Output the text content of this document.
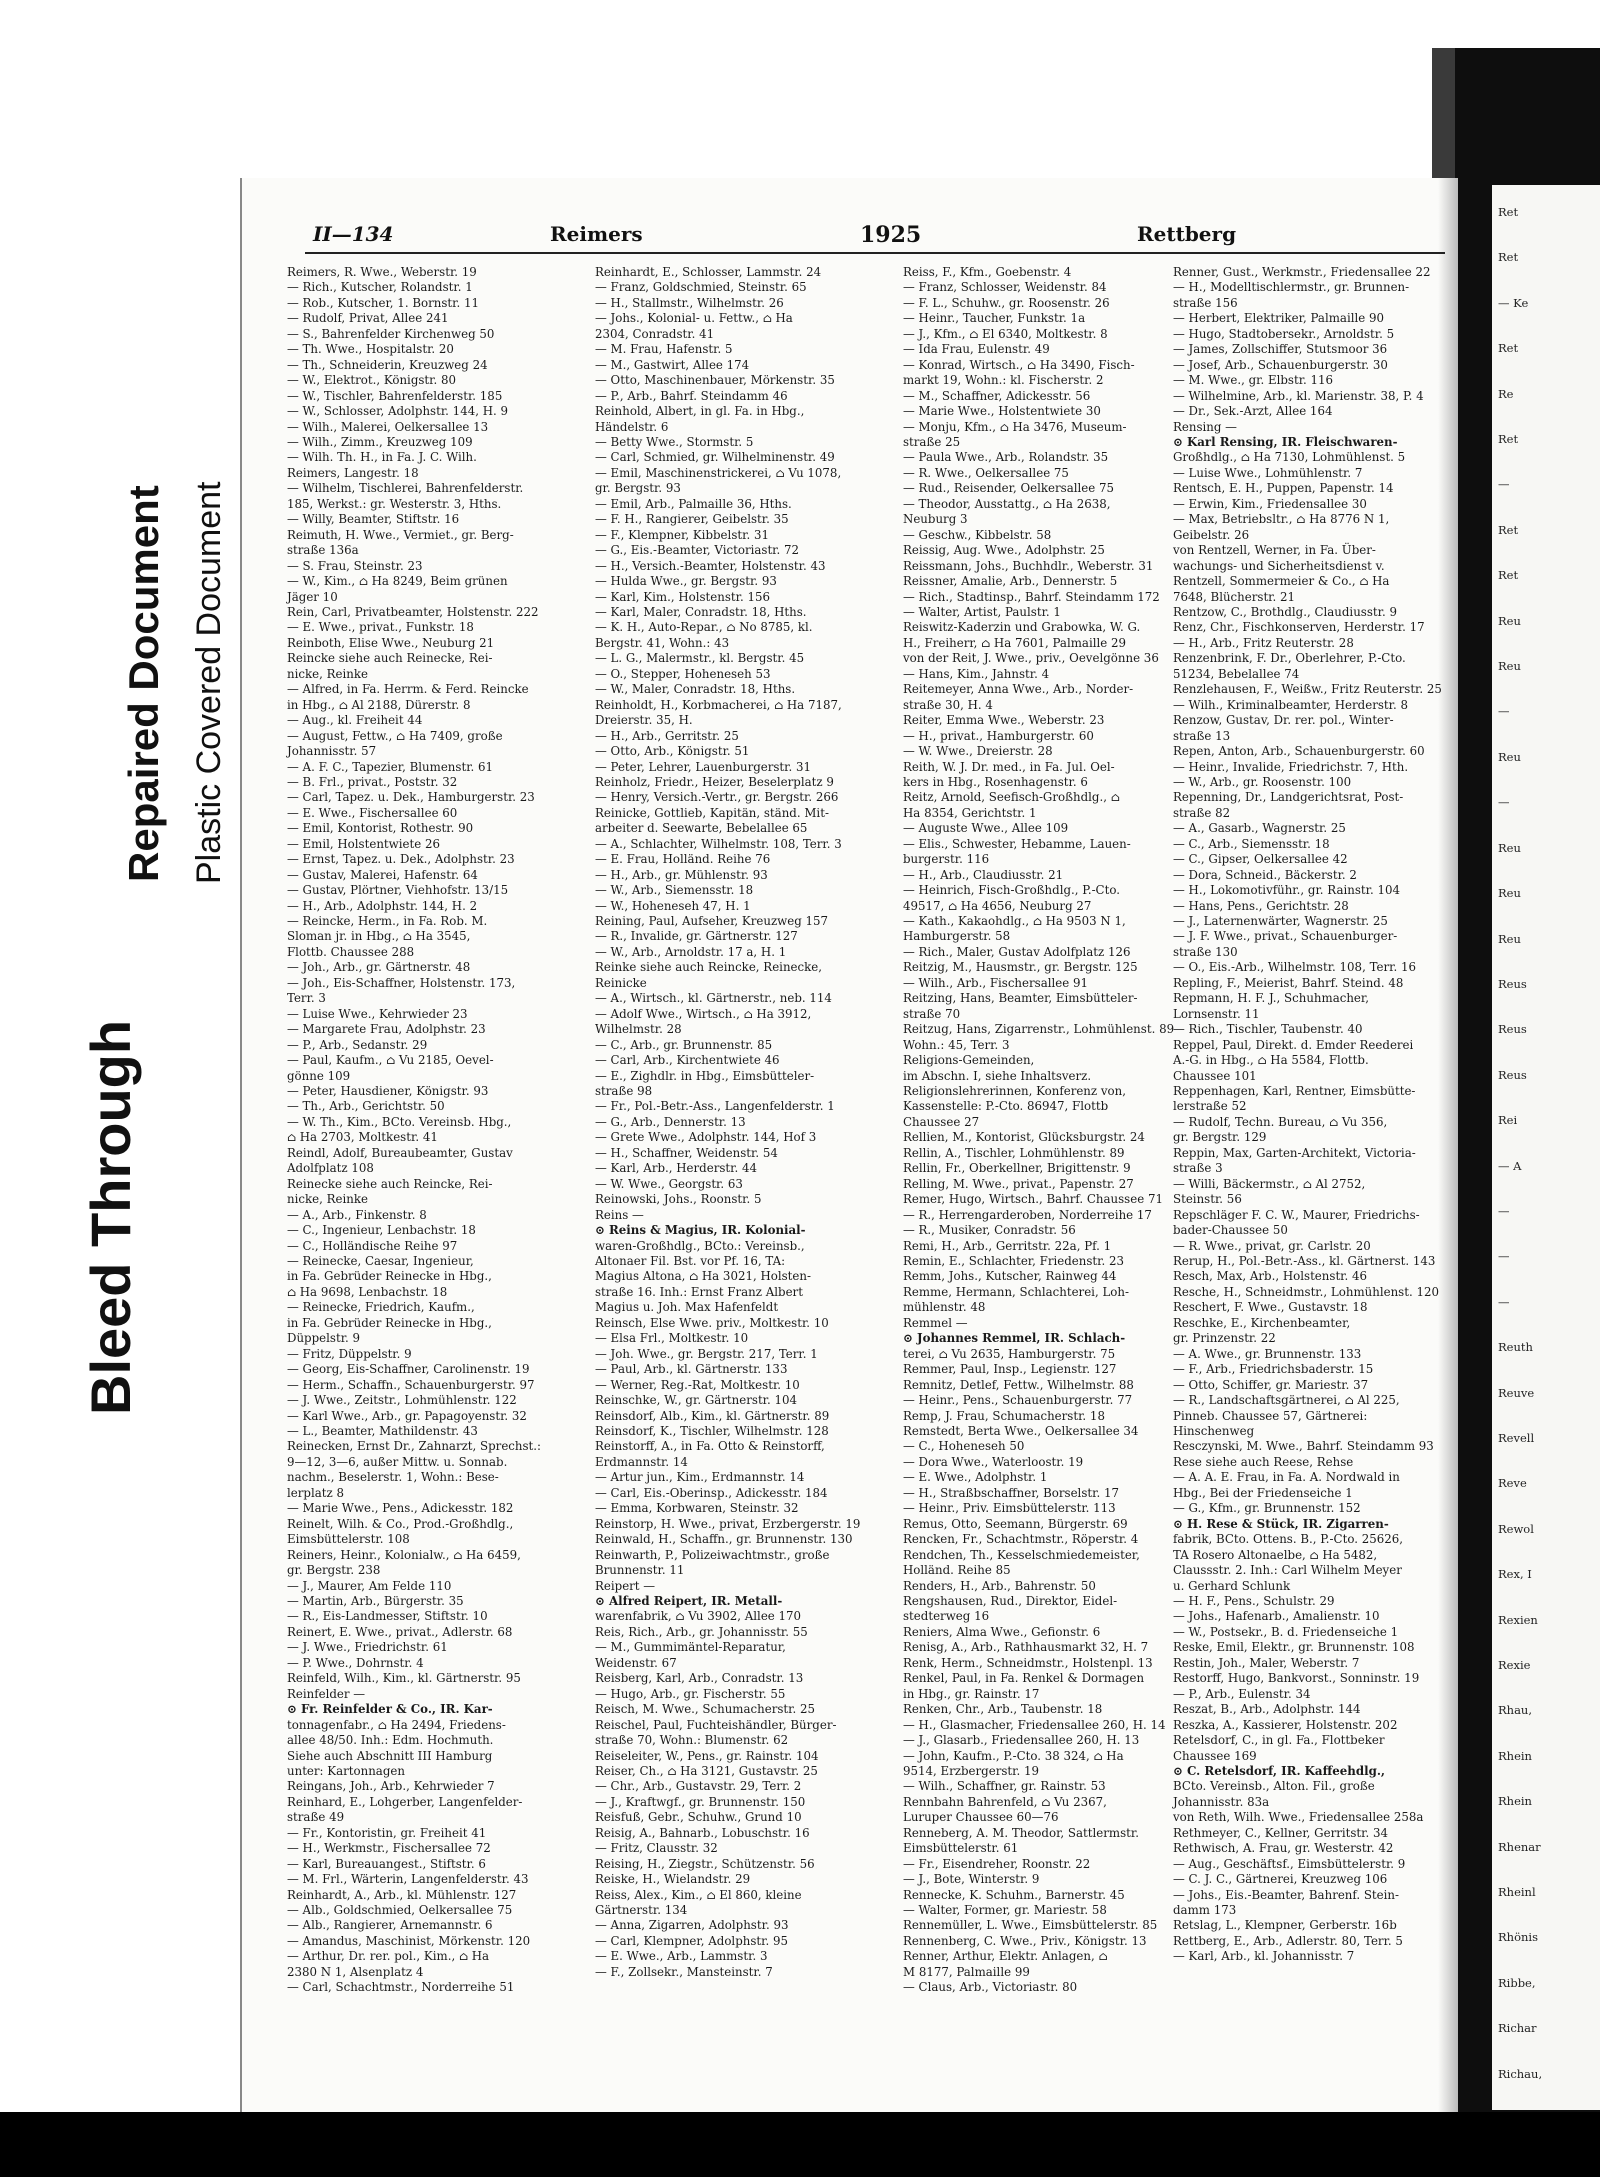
Bleed Through
Repaired Document Plastic Covered Document
Ret
Ret
— Ke
Ret
Re
Ret
—
Ret
Ret
Reu
Reu
—
Reu
—
Reu
Reu
Reu
Reus
Reus
Reus
Rei
— A
—
—
—
Reuth
Reuve
Revell
Reve
Rewol
Rex, I
Rexien
Rexie
Rhau,
Rhein
Rhein
Rhenar
Rheinl
Rhönis
Ribbe,
Richar
Richau,
II—134	Reimers	1925	Rettberg
Reimers, R. Wwe., Weberstr. 19
— Rich., Kutscher, Rolandstr. 1
— Rob., Kutscher, 1. Bornstr. 11
— Rudolf, Privat, Allee 241
— S., Bahrenfelder Kirchenweg 50
— Th. Wwe., Hospitalstr. 20
— Th., Schneiderin, Kreuzweg 24
— W., Elektrot., Königstr. 80
— W., Tischler, Bahrenfelderstr. 185
— W., Schlosser, Adolphstr. 144, H. 9
— Wilh., Malerei, Oelkersallee 13
— Wilh., Zimm., Kreuzweg 109
— Wilh. Th. H., in Fa. J. C. Wilh.
Reimers, Langestr. 18
— Wilhelm, Tischlerei, Bahrenfelderstr.
185, Werkst.: gr. Westerstr. 3, Hths.
— Willy, Beamter, Stiftstr. 16
Reimuth, H. Wwe., Vermiet., gr. Berg-
straße 136a
— S. Frau, Steinstr. 23
— W., Kim., ⌂ Ha 8249, Beim grünen
Jäger 10
Rein, Carl, Privatbeamter, Holstenstr. 222
— E. Wwe., privat., Funkstr. 18
Reinboth, Elise Wwe., Neuburg 21
Reincke siehe auch Reinecke, Rei-
nicke, Reinke
— Alfred, in Fa. Herrm. & Ferd. Reincke
in Hbg., ⌂ Al 2188, Dürerstr. 8
— Aug., kl. Freiheit 44
— August, Fettw., ⌂ Ha 7409, große
Johannisstr. 57
— A. F. C., Tapezier, Blumenstr. 61
— B. Frl., privat., Poststr. 32
— Carl, Tapez. u. Dek., Hamburgerstr. 23
— E. Wwe., Fischersallee 60
— Emil, Kontorist, Rothestr. 90
— Emil, Holstentwiete 26
— Ernst, Tapez. u. Dek., Adolphstr. 23
— Gustav, Malerei, Hafenstr. 64
— Gustav, Plörtner, Viehhofstr. 13/15
— H., Arb., Adolphstr. 144, H. 2
— Reincke, Herm., in Fa. Rob. M.
Sloman jr. in Hbg., ⌂ Ha 3545,
Flottb. Chaussee 288
— Joh., Arb., gr. Gärtnerstr. 48
— Joh., Eis-Schaffner, Holstenstr. 173,
Terr. 3
— Luise Wwe., Kehrwieder 23
— Margarete Frau, Adolphstr. 23
— P., Arb., Sedanstr. 29
— Paul, Kaufm., ⌂ Vu 2185, Oevel-
gönne 109
— Peter, Hausdiener, Königstr. 93
— Th., Arb., Gerichtstr. 50
— W. Th., Kim., BCto. Vereinsb. Hbg.,
⌂ Ha 2703, Moltkestr. 41
Reindl, Adolf, Bureaubeamter, Gustav
Adolfplatz 108
Reinecke siehe auch Reincke, Rei-
nicke, Reinke
— A., Arb., Finkenstr. 8
— C., Ingenieur, Lenbachstr. 18
— C., Holländische Reihe 97
— Reinecke, Caesar, Ingenieur,
in Fa. Gebrüder Reinecke in Hbg.,
⌂ Ha 9698, Lenbachstr. 18
— Reinecke, Friedrich, Kaufm.,
in Fa. Gebrüder Reinecke in Hbg.,
Düppelstr. 9
— Fritz, Düppelstr. 9
— Georg, Eis-Schaffner, Carolinenstr. 19
— Herm., Schaffn., Schauenburgerstr. 97
— J. Wwe., Zeitstr., Lohmühlenstr. 122
— Karl Wwe., Arb., gr. Papagoyenstr. 32
— L., Beamter, Mathildenstr. 43
Reinecken, Ernst Dr., Zahnarzt, Sprechst.:
9—12, 3—6, außer Mittw. u. Sonnab.
nachm., Beselerstr. 1, Wohn.: Bese-
lerplatz 8
— Marie Wwe., Pens., Adickesstr. 182
Reinelt, Wilh. & Co., Prod.-Großhdlg.,
Eimsbüttelerstr. 108
Reiners, Heinr., Kolonialw., ⌂ Ha 6459,
gr. Bergstr. 238
— J., Maurer, Am Felde 110
— Martin, Arb., Bürgerstr. 35
— R., Eis-Landmesser, Stiftstr. 10
Reinert, E. Wwe., privat., Adlerstr. 68
— J. Wwe., Friedrichstr. 61
— P. Wwe., Dohrnstr. 4
Reinfeld, Wilh., Kim., kl. Gärtnerstr. 95
Reinfelder —
⊙ Fr. Reinfelder & Co., IR. Kar-
tonnagenfabr., ⌂ Ha 2494, Friedens-
allee 48/50. Inh.: Edm. Hochmuth.
Siehe auch Abschnitt III Hamburg
unter: Kartonnagen
Reingans, Joh., Arb., Kehrwieder 7
Reinhard, E., Lohgerber, Langenfelder-
straße 49
— Fr., Kontoristin, gr. Freiheit 41
— H., Werkmstr., Fischersallee 72
— Karl, Bureauangest., Stiftstr. 6
— M. Frl., Wärterin, Langenfelderstr. 43
Reinhardt, A., Arb., kl. Mühlenstr. 127
— Alb., Goldschmied, Oelkersallee 75
— Alb., Rangierer, Arnemannstr. 6
— Amandus, Maschinist, Mörkenstr. 120
— Arthur, Dr. rer. pol., Kim., ⌂ Ha
2380 N 1, Alsenplatz 4
— Carl, Schachtmstr., Norderreihe 51
Reinhardt, E., Schlosser, Lammstr. 24
— Franz, Goldschmied, Steinstr. 65
— H., Stallmstr., Wilhelmstr. 26
— Johs., Kolonial- u. Fettw., ⌂ Ha
2304, Conradstr. 41
— M. Frau, Hafenstr. 5
— M., Gastwirt, Allee 174
— Otto, Maschinenbauer, Mörkenstr. 35
— P., Arb., Bahrf. Steindamm 46
Reinhold, Albert, in gl. Fa. in Hbg.,
Händelstr. 6
— Betty Wwe., Stormstr. 5
— Carl, Schmied, gr. Wilhelminenstr. 49
— Emil, Maschinenstrickerei, ⌂ Vu 1078,
gr. Bergstr. 93
— Emil, Arb., Palmaille 36, Hths.
— F. H., Rangierer, Geibelstr. 35
— F., Klempner, Kibbelstr. 31
— G., Eis.-Beamter, Victoriastr. 72
— H., Versich.-Beamter, Holstenstr. 43
— Hulda Wwe., gr. Bergstr. 93
— Karl, Kim., Holstenstr. 156
— Karl, Maler, Conradstr. 18, Hths.
— K. H., Auto-Repar., ⌂ No 8785, kl.
Bergstr. 41, Wohn.: 43
— L. G., Malermstr., kl. Bergstr. 45
— O., Stepper, Hoheneseh 53
— W., Maler, Conradstr. 18, Hths.
Reinholdt, H., Korbmacherei, ⌂ Ha 7187,
Dreierstr. 35, H.
— H., Arb., Gerritstr. 25
— Otto, Arb., Königstr. 51
— Peter, Lehrer, Lauenburgerstr. 31
Reinholz, Friedr., Heizer, Beselerplatz 9
— Henry, Versich.-Vertr., gr. Bergstr. 266
Reinicke, Gottlieb, Kapitän, ständ. Mit-
arbeiter d. Seewarte, Bebelallee 65
— A., Schlachter, Wilhelmstr. 108, Terr. 3
— E. Frau, Holländ. Reihe 76
— H., Arb., gr. Mühlenstr. 93
— W., Arb., Siemensstr. 18
— W., Hoheneseh 47, H. 1
Reining, Paul, Aufseher, Kreuzweg 157
— R., Invalide, gr. Gärtnerstr. 127
— W., Arb., Arnoldstr. 17 a, H. 1
Reinke siehe auch Reincke, Reinecke,
Reinicke
— A., Wirtsch., kl. Gärtnerstr., neb. 114
— Adolf Wwe., Wirtsch., ⌂ Ha 3912,
Wilhelmstr. 28
— C., Arb., gr. Brunnenstr. 85
— Carl, Arb., Kirchentwiete 46
— E., Zighdlr. in Hbg., Eimsbütteler-
straße 98
— Fr., Pol.-Betr.-Ass., Langenfelderstr. 1
— G., Arb., Dennerstr. 13
— Grete Wwe., Adolphstr. 144, Hof 3
— H., Schaffner, Weidenstr. 54
— Karl, Arb., Herderstr. 44
— W. Wwe., Georgstr. 63
Reinowski, Johs., Roonstr. 5
Reins —
⊙ Reins & Magius, IR. Kolonial-
waren-Großhdlg., BCto.: Vereinsb.,
Altonaer Fil. Bst. vor Pf. 16, TA:
Magius Altona, ⌂ Ha 3021, Holsten-
straße 16. Inh.: Ernst Franz Albert
Magius u. Joh. Max Hafenfeldt
Reinsch, Else Wwe. priv., Moltkestr. 10
— Elsa Frl., Moltkestr. 10
— Joh. Wwe., gr. Bergstr. 217, Terr. 1
— Paul, Arb., kl. Gärtnerstr. 133
— Werner, Reg.-Rat, Moltkestr. 10
Reinschke, W., gr. Gärtnerstr. 104
Reinsdorf, Alb., Kim., kl. Gärtnerstr. 89
Reinsdorf, K., Tischler, Wilhelmstr. 128
Reinstorff, A., in Fa. Otto & Reinstorff,
Erdmannstr. 14
— Artur jun., Kim., Erdmannstr. 14
— Carl, Eis.-Oberinsp., Adickesstr. 184
— Emma, Korbwaren, Steinstr. 32
Reinstorp, H. Wwe., privat, Erzbergerstr. 19
Reinwald, H., Schaffn., gr. Brunnenstr. 130
Reinwarth, P., Polizeiwachtmstr., große
Brunnenstr. 11
Reipert —
⊙ Alfred Reipert, IR. Metall-
warenfabrik, ⌂ Vu 3902, Allee 170
Reis, Rich., Arb., gr. Johannisstr. 55
— M., Gummimäntel-Reparatur,
Weidenstr. 67
Reisberg, Karl, Arb., Conradstr. 13
— Hugo, Arb., gr. Fischerstr. 55
Reisch, M. Wwe., Schumacherstr. 25
Reischel, Paul, Fuchteishändler, Bürger-
straße 70, Wohn.: Blumenstr. 62
Reiseleiter, W., Pens., gr. Rainstr. 104
Reiser, Ch., ⌂ Ha 3121, Gustavstr. 25
— Chr., Arb., Gustavstr. 29, Terr. 2
— J., Kraftwgf., gr. Brunnenstr. 150
Reisfuß, Gebr., Schuhw., Grund 10
Reisig, A., Bahnarb., Lobuschstr. 16
— Fritz, Clausstr. 32
Reising, H., Ziegstr., Schützenstr. 56
Reiske, H., Wielandstr. 29
Reiss, Alex., Kim., ⌂ El 860, kleine
Gärtnerstr. 134
— Anna, Zigarren, Adolphstr. 93
— Carl, Klempner, Adolphstr. 95
— E. Wwe., Arb., Lammstr. 3
— F., Zollsekr., Mansteinstr. 7
Reiss, F., Kfm., Goebenstr. 4
— Franz, Schlosser, Weidenstr. 84
— F. L., Schuhw., gr. Roosenstr. 26
— Heinr., Taucher, Funkstr. 1a
— J., Kfm., ⌂ El 6340, Moltkestr. 8
— Ida Frau, Eulenstr. 49
— Konrad, Wirtsch., ⌂ Ha 3490, Fisch-
markt 19, Wohn.: kl. Fischerstr. 2
— M., Schaffner, Adickesstr. 56
— Marie Wwe., Holstentwiete 30
— Monju, Kfm., ⌂ Ha 3476, Museum-
straße 25
— Paula Wwe., Arb., Rolandstr. 35
— R. Wwe., Oelkersallee 75
— Rud., Reisender, Oelkersallee 75
— Theodor, Ausstattg., ⌂ Ha 2638,
Neuburg 3
— Geschw., Kibbelstr. 58
Reissig, Aug. Wwe., Adolphstr. 25
Reissmann, Johs., Buchhdlr., Weberstr. 31
Reissner, Amalie, Arb., Dennerstr. 5
— Rich., Stadtinsp., Bahrf. Steindamm 172
— Walter, Artist, Paulstr. 1
Reiswitz-Kaderzin und Grabowka, W. G.
H., Freiherr, ⌂ Ha 7601, Palmaille 29
von der Reit, J. Wwe., priv., Oevelgönne 36
— Hans, Kim., Jahnstr. 4
Reitemeyer, Anna Wwe., Arb., Norder-
straße 30, H. 4
Reiter, Emma Wwe., Weberstr. 23
— H., privat., Hamburgerstr. 60
— W. Wwe., Dreierstr. 28
Reith, W. J. Dr. med., in Fa. Jul. Oel-
kers in Hbg., Rosenhagenstr. 6
Reitz, Arnold, Seefisch-Großhdlg., ⌂
Ha 8354, Gerichtstr. 1
— Auguste Wwe., Allee 109
— Elis., Schwester, Hebamme, Lauen-
burgerstr. 116
— H., Arb., Claudiusstr. 21
— Heinrich, Fisch-Großhdlg., P.-Cto.
49517, ⌂ Ha 4656, Neuburg 27
— Kath., Kakaohdlg., ⌂ Ha 9503 N 1,
Hamburgerstr. 58
— Rich., Maler, Gustav Adolfplatz 126
Reitzig, M., Hausmstr., gr. Bergstr. 125
— Wilh., Arb., Fischersallee 91
Reitzing, Hans, Beamter, Eimsbütteler-
straße 70
Reitzug, Hans, Zigarrenstr., Lohmühlenst. 89
Wohn.: 45, Terr. 3
Religions-Gemeinden,
im Abschn. I, siehe Inhaltsverz.
Religionslehrerinnen, Konferenz von,
Kassenstelle: P.-Cto. 86947, Flottb
Chaussee 27
Rellien, M., Kontorist, Glücksburgstr. 24
Rellin, A., Tischler, Lohmühlenstr. 89
Rellin, Fr., Oberkellner, Brigittenstr. 9
Relling, M. Wwe., privat., Papenstr. 27
Remer, Hugo, Wirtsch., Bahrf. Chaussee 71
— R., Herrengarderoben, Norderreihe 17
— R., Musiker, Conradstr. 56
Remi, H., Arb., Gerritstr. 22a, Pf. 1
Remin, E., Schlachter, Friedenstr. 23
Remm, Johs., Kutscher, Rainweg 44
Remme, Hermann, Schlachterei, Loh-
mühlenstr. 48
Remmel —
⊙ Johannes Remmel, IR. Schlach-
terei, ⌂ Vu 2635, Hamburgerstr. 75
Remmer, Paul, Insp., Legienstr. 127
Remnitz, Detlef, Fettw., Wilhelmstr. 88
— Heinr., Pens., Schauenburgerstr. 77
Remp, J. Frau, Schumacherstr. 18
Remstedt, Berta Wwe., Oelkersallee 34
— C., Hoheneseh 50
— Dora Wwe., Waterloostr. 19
— E. Wwe., Adolphstr. 1
— H., Straßbschaffner, Borselstr. 17
— Heinr., Priv. Eimsbüttelerstr. 113
Remus, Otto, Seemann, Bürgerstr. 69
Rencken, Fr., Schachtmstr., Röperstr. 4
Rendchen, Th., Kesselschmiedemeister,
Holländ. Reihe 85
Renders, H., Arb., Bahrenstr. 50
Rengshausen, Rud., Direktor, Eidel-
stedterweg 16
Reniers, Alma Wwe., Gefionstr. 6
Renisg, A., Arb., Rathhausmarkt 32, H. 7
Renk, Herm., Schneidmstr., Holstenpl. 13
Renkel, Paul, in Fa. Renkel & Dormagen
in Hbg., gr. Rainstr. 17
Renken, Chr., Arb., Taubenstr. 18
— H., Glasmacher, Friedensallee 260, H. 14
— J., Glasarb., Friedensallee 260, H. 13
— John, Kaufm., P.-Cto. 38 324, ⌂ Ha
9514, Erzbergerstr. 19
— Wilh., Schaffner, gr. Rainstr. 53
Rennbahn Bahrenfeld, ⌂ Vu 2367,
Luruper Chaussee 60—76
Renneberg, A. M. Theodor, Sattlermstr.
Eimsbüttelerstr. 61
— Fr., Eisendreher, Roonstr. 22
— J., Bote, Winterstr. 9
Rennecke, K. Schuhm., Barnerstr. 45
— Walter, Former, gr. Mariestr. 58
Rennemüller, L. Wwe., Eimsbüttelerstr. 85
Rennenberg, C. Wwe., Priv., Königstr. 13
Renner, Arthur, Elektr. Anlagen, ⌂
M 8177, Palmaille 99
— Claus, Arb., Victoriastr. 80
Renner, Gust., Werkmstr., Friedensallee 22
— H., Modelltischlermstr., gr. Brunnen-
straße 156
— Herbert, Elektriker, Palmaille 90
— Hugo, Stadtobersekr., Arnoldstr. 5
— James, Zollschiffer, Stutsmoor 36
— Josef, Arb., Schauenburgerstr. 30
— M. Wwe., gr. Elbstr. 116
— Wilhelmine, Arb., kl. Marienstr. 38, P. 4
— Dr., Sek.-Arzt, Allee 164
Rensing —
⊙ Karl Rensing, IR. Fleischwaren-
Großhdlg., ⌂ Ha 7130, Lohmühlenst. 5
— Luise Wwe., Lohmühlenstr. 7
Rentsch, E. H., Puppen, Papenstr. 14
— Erwin, Kim., Friedensallee 30
— Max, Betriebsltr., ⌂ Ha 8776 N 1,
Geibelstr. 26
von Rentzell, Werner, in Fa. Über-
wachungs- und Sicherheitsdienst v.
Rentzell, Sommermeier & Co., ⌂ Ha
7648, Blücherstr. 21
Rentzow, C., Brothdlg., Claudiusstr. 9
Renz, Chr., Fischkonserven, Herderstr. 17
— H., Arb., Fritz Reuterstr. 28
Renzenbrink, F. Dr., Oberlehrer, P.-Cto.
51234, Bebelallee 74
Renzlehausen, F., Weißw., Fritz Reuterstr. 25
— Wilh., Kriminalbeamter, Herderstr. 8
Renzow, Gustav, Dr. rer. pol., Winter-
straße 13
Repen, Anton, Arb., Schauenburgerstr. 60
— Heinr., Invalide, Friedrichstr. 7, Hth.
— W., Arb., gr. Roosenstr. 100
Repenning, Dr., Landgerichtsrat, Post-
straße 82
— A., Gasarb., Wagnerstr. 25
— C., Arb., Siemensstr. 18
— C., Gipser, Oelkersallee 42
— Dora, Schneid., Bäckerstr. 2
— H., Lokomotivführ., gr. Rainstr. 104
— Hans, Pens., Gerichtstr. 28
— J., Laternenwärter, Wagnerstr. 25
— J. F. Wwe., privat., Schauenburger-
straße 130
— O., Eis.-Arb., Wilhelmstr. 108, Terr. 16
Repling, F., Meierist, Bahrf. Steind. 48
Repmann, H. F. J., Schuhmacher,
Lornsenstr. 11
— Rich., Tischler, Taubenstr. 40
Reppel, Paul, Direkt. d. Emder Reederei
A.-G. in Hbg., ⌂ Ha 5584, Flottb.
Chaussee 101
Reppenhagen, Karl, Rentner, Eimsbütte-
lerstraße 52
— Rudolf, Techn. Bureau, ⌂ Vu 356,
gr. Bergstr. 129
Reppin, Max, Garten-Architekt, Victoria-
straße 3
— Willi, Bäckermstr., ⌂ Al 2752,
Steinstr. 56
Repschläger F. C. W., Maurer, Friedrichs-
bader-Chaussee 50
— R. Wwe., privat, gr. Carlstr. 20
Rerup, H., Pol.-Betr.-Ass., kl. Gärtnerst. 143
Resch, Max, Arb., Holstenstr. 46
Resche, H., Schneidmstr., Lohmühlenst. 120
Reschert, F. Wwe., Gustavstr. 18
Reschke, E., Kirchenbeamter,
gr. Prinzenstr. 22
— A. Wwe., gr. Brunnenstr. 133
— F., Arb., Friedrichsbaderstr. 15
— Otto, Schiffer, gr. Mariestr. 37
— R., Landschaftsgärtnerei, ⌂ Al 225,
Pinneb. Chaussee 57, Gärtnerei:
Hinschenweg
Resczynski, M. Wwe., Bahrf. Steindamm 93
Rese siehe auch Reese, Rehse
— A. A. E. Frau, in Fa. A. Nordwald in
Hbg., Bei der Friedenseiche 1
— G., Kfm., gr. Brunnenstr. 152
⊙ H. Rese & Stück, IR. Zigarren-
fabrik, BCto. Ottens. B., P.-Cto. 25626,
TA Rosero Altonaelbe, ⌂ Ha 5482,
Claussstr. 2. Inh.: Carl Wilhelm Meyer
u. Gerhard Schlunk
— H. F., Pens., Schulstr. 29
— Johs., Hafenarb., Amalienstr. 10
— W., Postsekr., B. d. Friedenseiche 1
Reske, Emil, Elektr., gr. Brunnenstr. 108
Restin, Joh., Maler, Weberstr. 7
Restorff, Hugo, Bankvorst., Sonninstr. 19
— P., Arb., Eulenstr. 34
Reszat, B., Arb., Adolphstr. 144
Reszka, A., Kassierer, Holstenstr. 202
Retelsdorf, C., in gl. Fa., Flottbeker
Chaussee 169
⊙ C. Retelsdorf, IR. Kaffeehdlg.,
BCto. Vereinsb., Alton. Fil., große
Johannisstr. 83a
von Reth, Wilh. Wwe., Friedensallee 258a
Rethmeyer, C., Kellner, Gerritstr. 34
Rethwisch, A. Frau, gr. Westerstr. 42
— Aug., Geschäftsf., Eimsbüttelerstr. 9
— C. J. C., Gärtnerei, Kreuzweg 106
— Johs., Eis.-Beamter, Bahrenf. Stein-
damm 173
Retslag, L., Klempner, Gerberstr. 16b
Rettberg, E., Arb., Adlerstr. 80, Terr. 5
— Karl, Arb., kl. Johannisstr. 7
